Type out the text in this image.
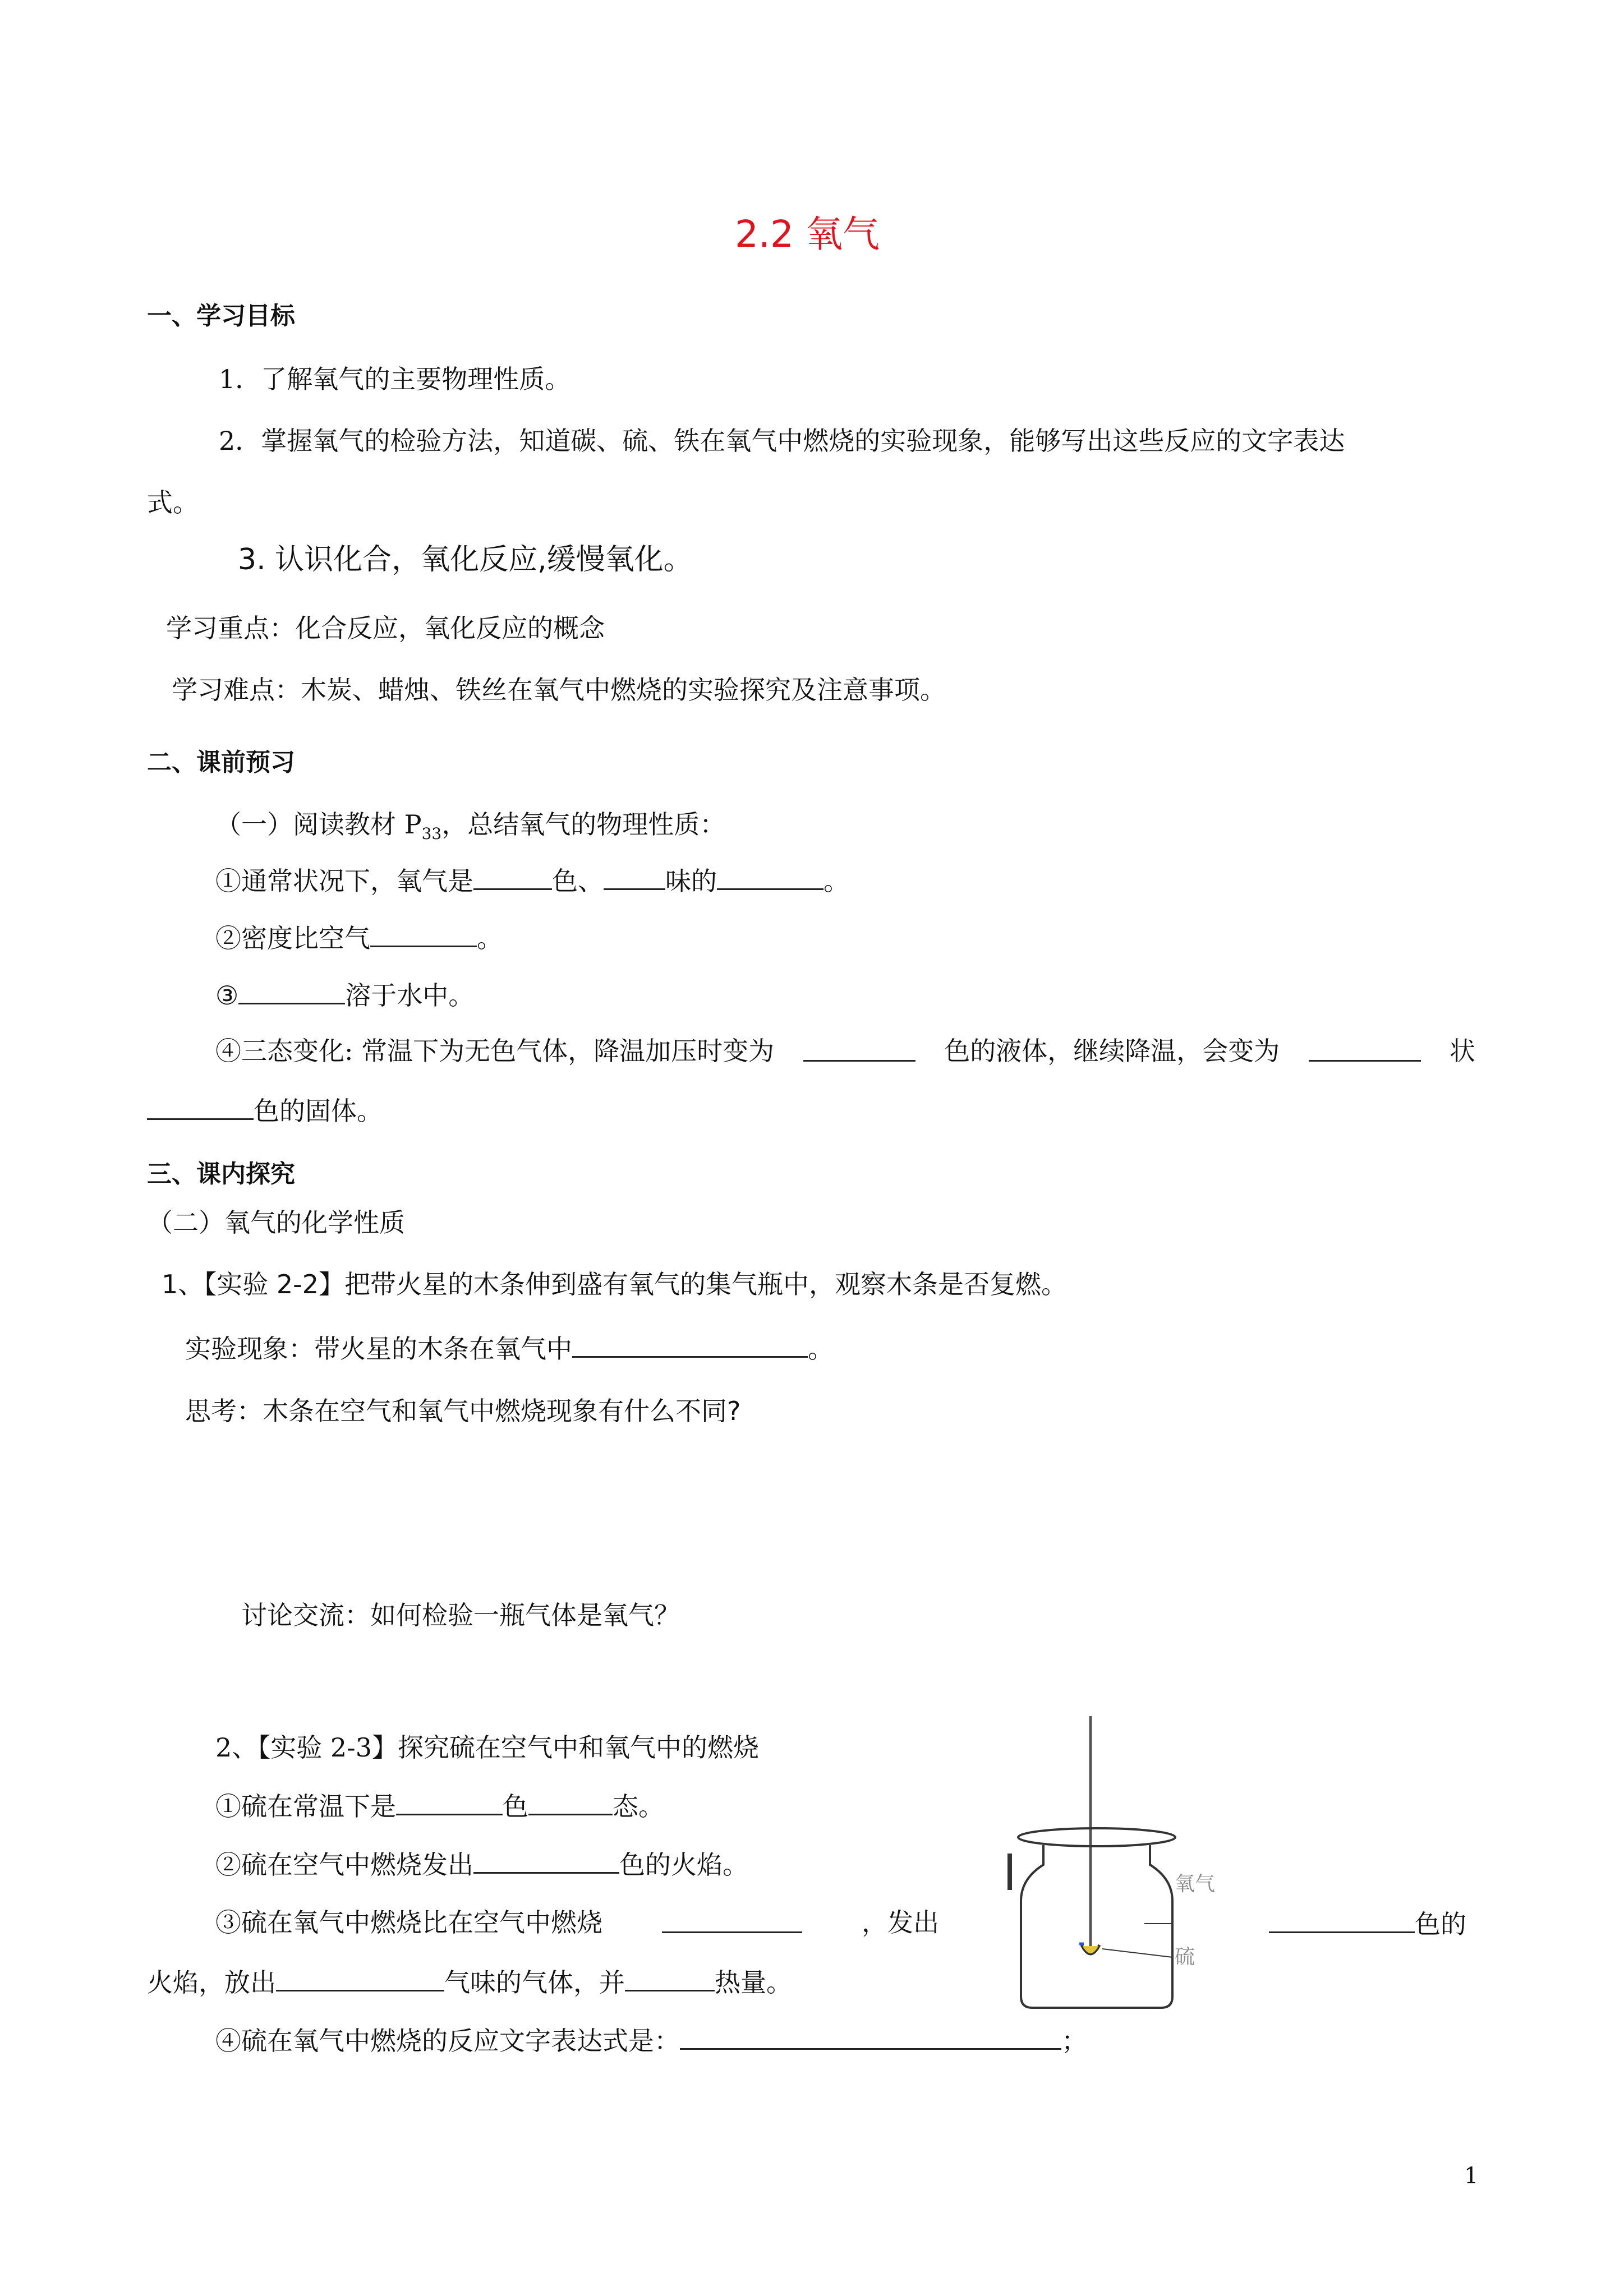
2.2 氧气
一、学习目标
1．了解氧气的主要物理性质。
2．掌握氧气的检验方法，知道碳、硫、铁在氧气中燃烧的实验现象，能够写出这些反应的文字表达
式。
3. 认识化合，氧化反应,缓慢氧化。
学习重点：化合反应，氧化反应的概念
学习难点：木炭、蜡烛、铁丝在氧气中燃烧的实验探究及注意事项。
二、课前预习
（一）阅读教材 $P_{33}$，总结氧气的物理性质：
①通常状况下，氧气是	色、 味的	。
②密度比空气	。
③	溶于水中。
④三态变化: 常温下为无色气体，降温加压时变为	色的液体，继续降温，会变为	状
色的固体。
三、课内探究
（二）氧气的化学性质
1、【实验 2-2】把带火星的木条伸到盛有氧气的集气瓶中，观察木条是否复燃。
实验现象：带火星的木条在氧气中	。
思考：木条在空气和氧气中燃烧现象有什么不同?
讨论交流：如何检验一瓶气体是氧气？
2、【实验 2-3】探究硫在空气中和氧气中的燃烧
①硫在常温下是	色	态。
②硫在空气中燃烧发出	色的火焰。
③硫在氧气中燃烧比在空气中燃烧	，发出	色的
火焰，放出	气味的气体，并	热量。
④硫在氧气中燃烧的反应文字表达式是：	；
氧气
硫
1
